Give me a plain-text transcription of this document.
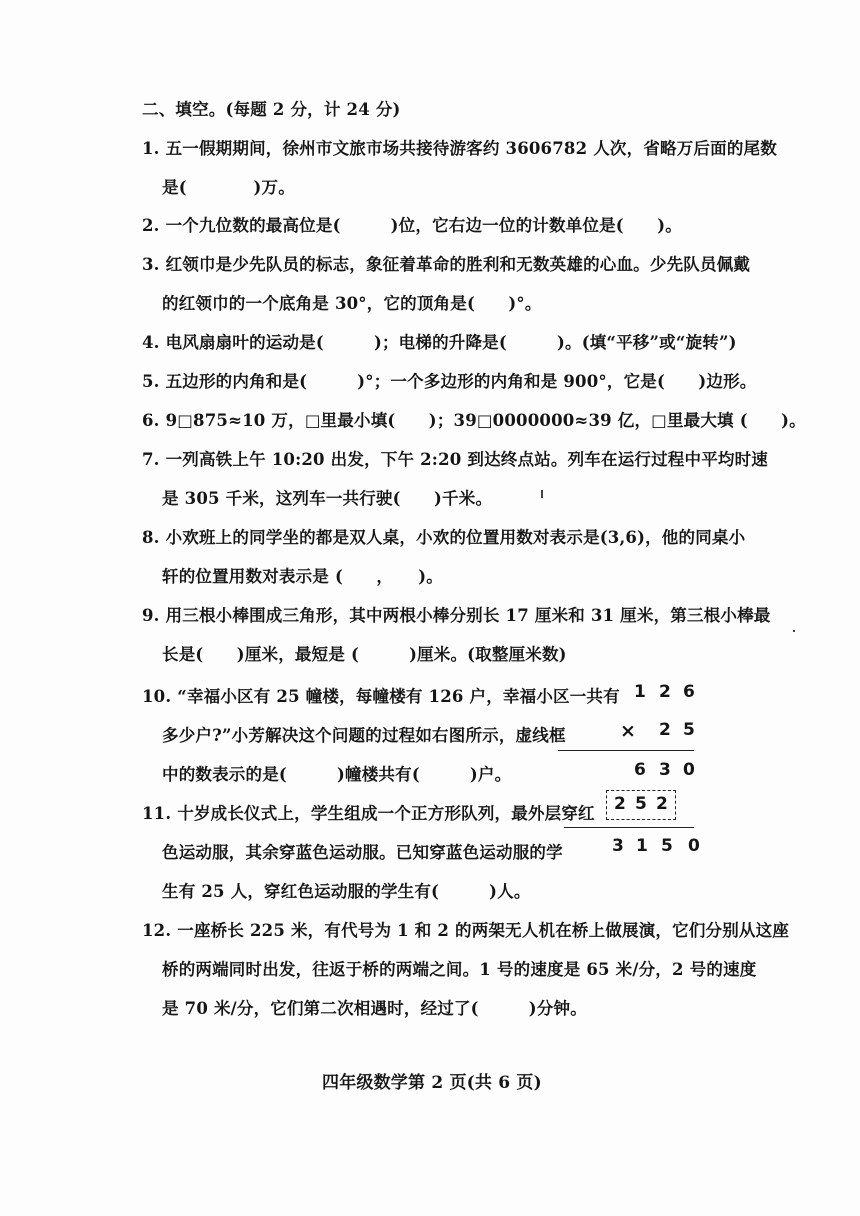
二、填空。(每题 2 分，计 24 分)
1. 五一假期期间，徐州市文旅市场共接待游客约 3606782 人次，省略万后面的尾数
是(　　　　)万。
2. 一个九位数的最高位是(　　　)位，它右边一位的计数单位是(　　)。
3. 红领巾是少先队员的标志，象征着革命的胜利和无数英雄的心血。少先队员佩戴
的红领巾的一个底角是 30°，它的顶角是(　　)°。
4. 电风扇扇叶的运动是(　　　)；电梯的升降是(　　　)。(填“平移”或“旋转”)
5. 五边形的内角和是(　　　)°；一个多边形的内角和是 900°，它是(　　)边形。
6. 9□875≈10 万，□里最小填(　　)；39□0000000≈39 亿，□里最大填 (　　)。
7. 一列高铁上午 10:20 出发，下午 2:20 到达终点站。列车在运行过程中平均时速
是 305 千米，这列车一共行驶(　　)千米。
8. 小欢班上的同学坐的都是双人桌，小欢的位置用数对表示是(3,6)，他的同桌小
轩的位置用数对表示是 (　　，　　)。
9. 用三根小棒围成三角形，其中两根小棒分别长 17 厘米和 31 厘米，第三根小棒最
长是(　　)厘米，最短是 (　　　)厘米。(取整厘米数)
10. “幸福小区有 25 幢楼，每幢楼有 126 户，幸福小区一共有
多少户?”小芳解决这个问题的过程如右图所示，虚线框
中的数表示的是(　　　)幢楼共有(　　　)户。
11. 十岁成长仪式上，学生组成一个正方形队列，最外层穿红
色运动服，其余穿蓝色运动服。已知穿蓝色运动服的学
生有 25 人，穿红色运动服的学生有(　　　)人。
12. 一座桥长 225 米，有代号为 1 和 2 的两架无人机在桥上做展演，它们分别从这座
桥的两端同时出发，往返于桥的两端之间。1 号的速度是 65 米/分，2 号的速度
是 70 米/分，它们第二次相遇时，经过了(　　　)分钟。
1 2 6
× 2 5
6 3 0
2 5 2
3 1 5 0
四年级数学第 2 页(共 6 页)
